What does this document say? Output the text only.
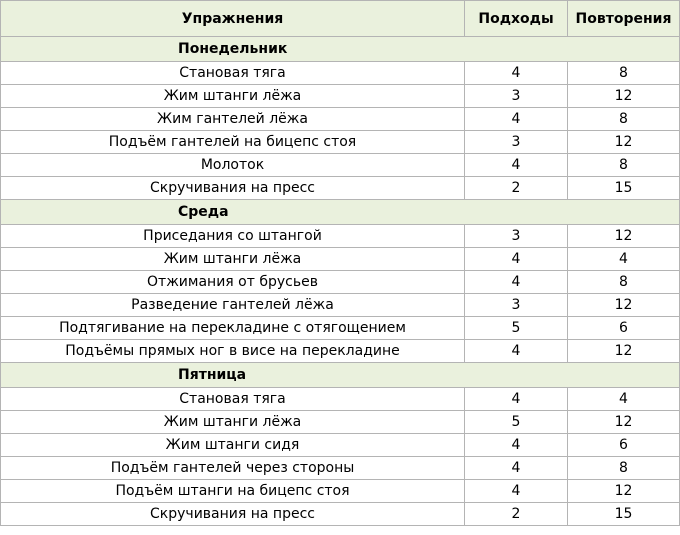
Упражнения	Подходы	Повторения
Понедельник		
Становая тяга	4	8
Жим штанги лёжа	3	12
Жим гантелей лёжа	4	8
Подъём гантелей на бицепс стоя	3	12
Молоток	4	8
Скручивания на пресс	2	15
Среда		
Приседания со штангой	3	12
Жим штанги лёжа	4	4
Отжимания от брусьев	4	8
Разведение гантелей лёжа	3	12
Подтягивание на перекладине с отягощением	5	6
Подъёмы прямых ног в висе на перекладине	4	12
Пятница		
Становая тяга	4	4
Жим штанги лёжа	5	12
Жим штанги сидя	4	6
Подъём гантелей через стороны	4	8
Подъём штанги на бицепс стоя	4	12
Скручивания на пресс	2	15
